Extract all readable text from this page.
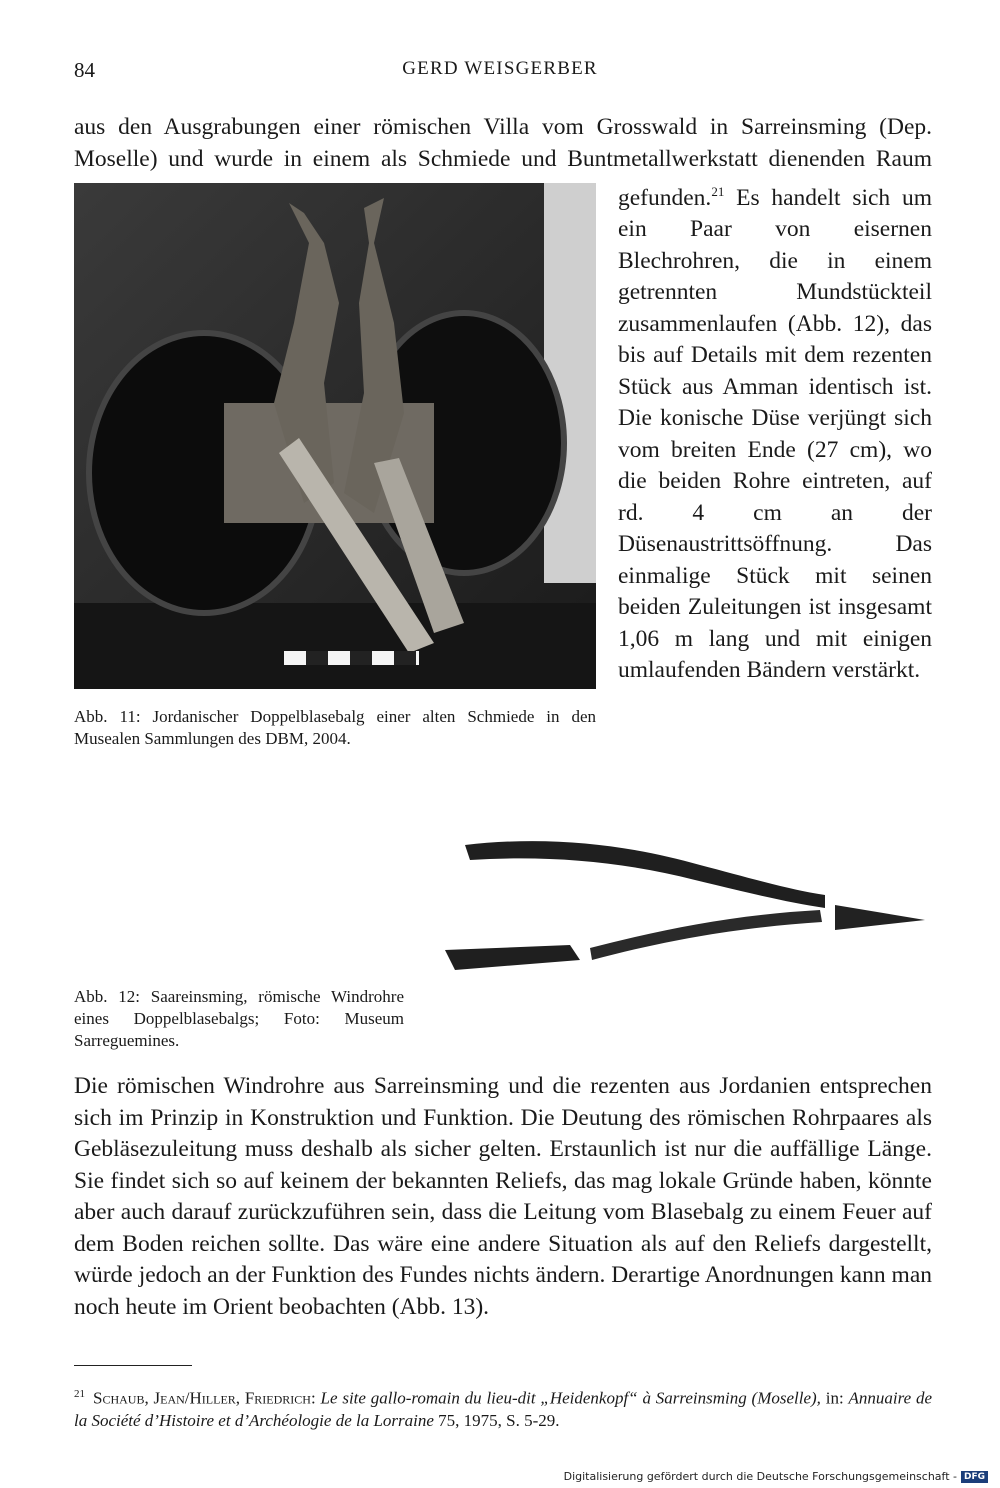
84	GERD WEISGERBER
aus den Ausgrabungen einer römischen Villa vom Grosswald in Sarreinsming (Dep.
Moselle) und wurde in einem als Schmiede und Buntmetallwerkstatt dienenden Raum
gefunden.$^{21}$ Es handelt sich um ein Paar von eisernen Blechrohren, die in einem getrennten Mundstückteil zusammenlaufen (Abb. 12), das bis auf Details mit dem rezenten Stück aus Amman identisch ist. Die konische Düse verjüngt sich vom breiten Ende (27 cm), wo die beiden Rohre eintreten, auf rd. 4 cm an der Düsenaustrittsöffnung. Das einmalige Stück mit seinen beiden Zuleitungen ist insgesamt 1,06 m lang und mit einigen umlaufenden Bändern verstärkt.
Abb. 11: Jordanischer Doppelblasebalg einer alten Schmiede in den Musealen Sammlungen des DBM, 2004.
Abb. 12: Saareinsming, römische Windrohre eines Doppelblasebalgs; Foto: Museum Sarreguemines.
Die römischen Windrohre aus Sarreinsming und die rezenten aus Jordanien entsprechen sich im Prinzip in Konstruktion und Funktion. Die Deutung des römischen Rohrpaares als Gebläsezuleitung muss deshalb als sicher gelten. Erstaunlich ist nur die auffällige Länge. Sie findet sich so auf keinem der bekannten Reliefs, das mag lokale Gründe haben, könnte aber auch darauf zurückzuführen sein, dass die Leitung vom Blasebalg zu einem Feuer auf dem Boden reichen sollte. Das wäre eine andere Situation als auf den Reliefs dargestellt, würde jedoch an der Funktion des Fundes nichts ändern. Derartige Anordnungen kann man noch heute im Orient beobachten (Abb. 13).
$^{21}$ Schaub, Jean/Hiller, Friedrich: Le site gallo-romain du lieu-dit „Heidenkopf“ à Sarreinsming (Moselle), in: Annuaire de la Société d’Histoire et d’Archéologie de la Lorraine 75, 1975, S. 5-29.
Digitalisierung gefördert durch die Deutsche Forschungsgemeinschaft - DFG
